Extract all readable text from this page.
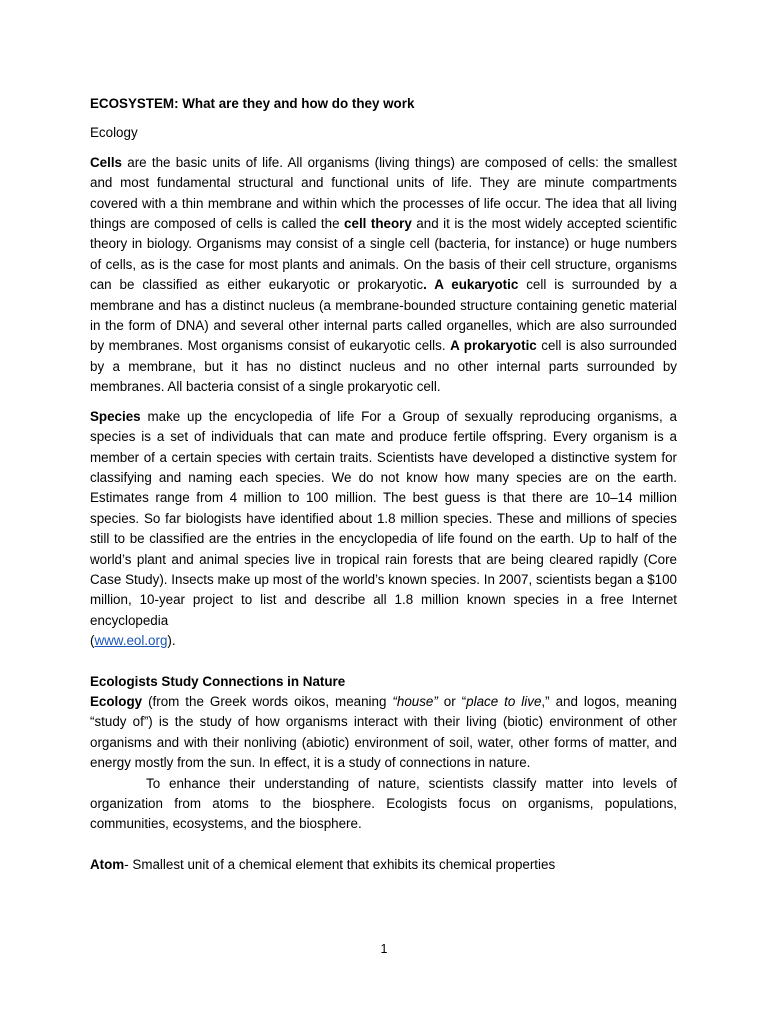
ECOSYSTEM: What are they and how do they work

Ecology

Cells are the basic units of life. All organisms (living things) are composed of cells: the smallest and most fundamental structural and functional units of life. They are minute compartments covered with a thin membrane and within which the processes of life occur. The idea that all living things are composed of cells is called the cell theory and it is the most widely accepted scientific theory in biology. Organisms may consist of a single cell (bacteria, for instance) or huge numbers of cells, as is the case for most plants and animals. On the basis of their cell structure, organisms can be classified as either eukaryotic or prokaryotic. A eukaryotic cell is surrounded by a membrane and has a distinct nucleus (a membrane-bounded structure containing genetic material in the form of DNA) and several other internal parts called organelles, which are also surrounded by membranes. Most organisms consist of eukaryotic cells. A prokaryotic cell is also surrounded by a membrane, but it has no distinct nucleus and no other internal parts surrounded by membranes. All bacteria consist of a single prokaryotic cell.

Species make up the encyclopedia of life For a Group of sexually reproducing organisms, a species is a set of individuals that can mate and produce fertile offspring. Every organism is a member of a certain species with certain traits. Scientists have developed a distinctive system for classifying and naming each species. We do not know how many species are on the earth. Estimates range from 4 million to 100 million. The best guess is that there are 10–14 million species. So far biologists have identified about 1.8 million species. These and millions of species still to be classified are the entries in the encyclopedia of life found on the earth. Up to half of the world’s plant and animal species live in tropical rain forests that are being cleared rapidly (Core Case Study). Insects make up most of the world’s known species. In 2007, scientists began a $100 million, 10-year project to list and describe all 1.8 million known species in a free Internet encyclopedia
(www.eol.org).

Ecologists Study Connections in Nature

Ecology (from the Greek words oikos, meaning “house” or “place to live,” and logos, meaning “study of”) is the study of how organisms interact with their living (biotic) environment of other organisms and with their nonliving (abiotic) environment of soil, water, other forms of matter, and energy mostly from the sun. In effect, it is a study of connections in nature.

To enhance their understanding of nature, scientists classify matter into levels of organization from atoms to the biosphere. Ecologists focus on organisms, populations, communities, ecosystems, and the biosphere.

Atom- Smallest unit of a chemical element that exhibits its chemical properties

1
